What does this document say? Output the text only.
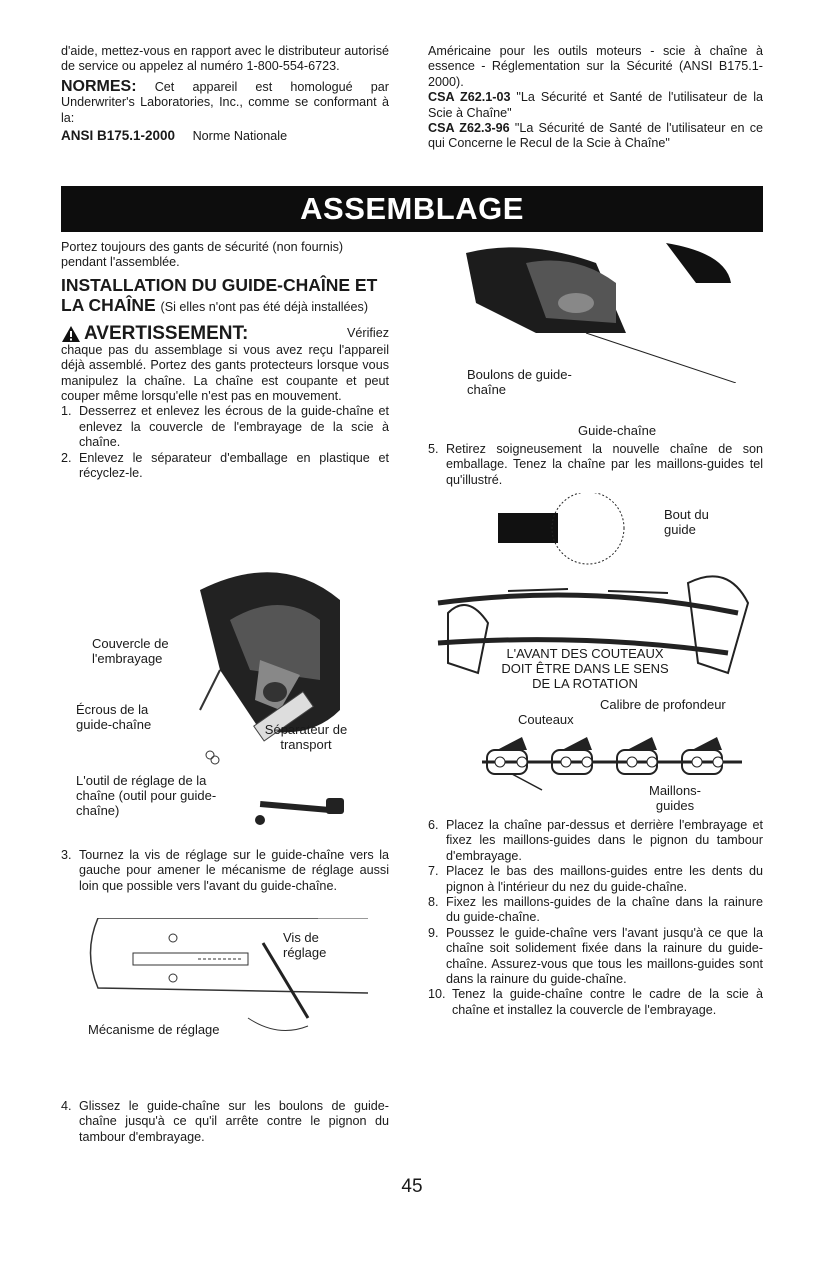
d'aide, mettez-vous en rapport avec le distributeur autorisé de service ou appelez al numéro 1-800-554-6723.

NORMES: Cet appareil est homologué par Underwriter's Laboratories, Inc., comme se conformant à la:

ANSI B175.1-2000 Norme Nationale

Américaine pour les outils moteurs - scie à chaîne à essence - Réglementation sur la Sécurité (ANSI B175.1-2000).

CSA Z62.1-03 "La Sécurité et Santé de l'utilisateur de la Scie à Chaîne"

CSA Z62.3-96 "La Sécurité de Santé de l'utilisateur en ce qui Concerne le Recul de la Scie à Chaîne"

ASSEMBLAGE

Portez toujours des gants de sécurité (non fournis) pendant l'assemblée.

INSTALLATION DU GUIDE-CHAÎNE ET LA CHAÎNE (Si elles n'ont pas été déjà installées)

AVERTISSEMENT:	Vérifiez

chaque pas du assemblage si vous avez reçu l'appareil déjà assemblé. Portez des gants protecteurs lorsque vous manipulez la chaîne. La chaîne est coupante et peut couper même lorsqu'elle n'est pas en mouvement.

1. Desserrez et enlevez les écrous de la guide-chaîne et enlevez la couvercle de l'embrayage de la scie à chaîne.
2. Enlevez le séparateur d'emballage en plastique et récyclez-le.
Couvercle de l'embrayage
Écrous de la guide-chaîne	Séparateur de transport
L'outil de réglage de la chaîne (outil pour guide-chaîne)
3. Tournez la vis de réglage sur le guide-chaîne vers la gauche pour amener le mécanisme de réglage aussi loin que possible vers l'avant du guide-chaîne.
Vis de réglage
Mécanisme de réglage
4. Glissez le guide-chaîne sur les boulons de guide-chaîne jusqu'à ce qu'il arrête contre le pignon du tambour d'embrayage.
Boulons de guide-chaîne
Guide-chaîne
5. Retirez soigneusement la nouvelle chaîne de son emballage. Tenez la chaîne par les maillons-guides tel qu'illustré.
Bout du guide
L'AVANT DES COUTEAUX
DOIT ÊTRE DANS LE SENS
DE LA ROTATION
Calibre de profondeur
Couteaux
Maillons-guides
6. Placez la chaîne par-dessus et derrière l'embrayage et fixez les maillons-guides dans le pignon du tambour d'embrayage.
7. Placez le bas des maillons-guides entre les dents du pignon à l'intérieur du nez du guide-chaîne.
8. Fixez les maillons-guides de la chaîne dans la rainure du guide-chaîne.
9. Poussez le guide-chaîne vers l'avant jusqu'à ce que la chaîne soit solidement fixée dans la rainure du guide-chaîne. Assurez-vous que tous les maillons-guides sont dans la rainure du guide-chaîne.
10. Tenez la guide-chaîne contre le cadre de la scie à chaîne et installez la couvercle de l'embrayage.
45
